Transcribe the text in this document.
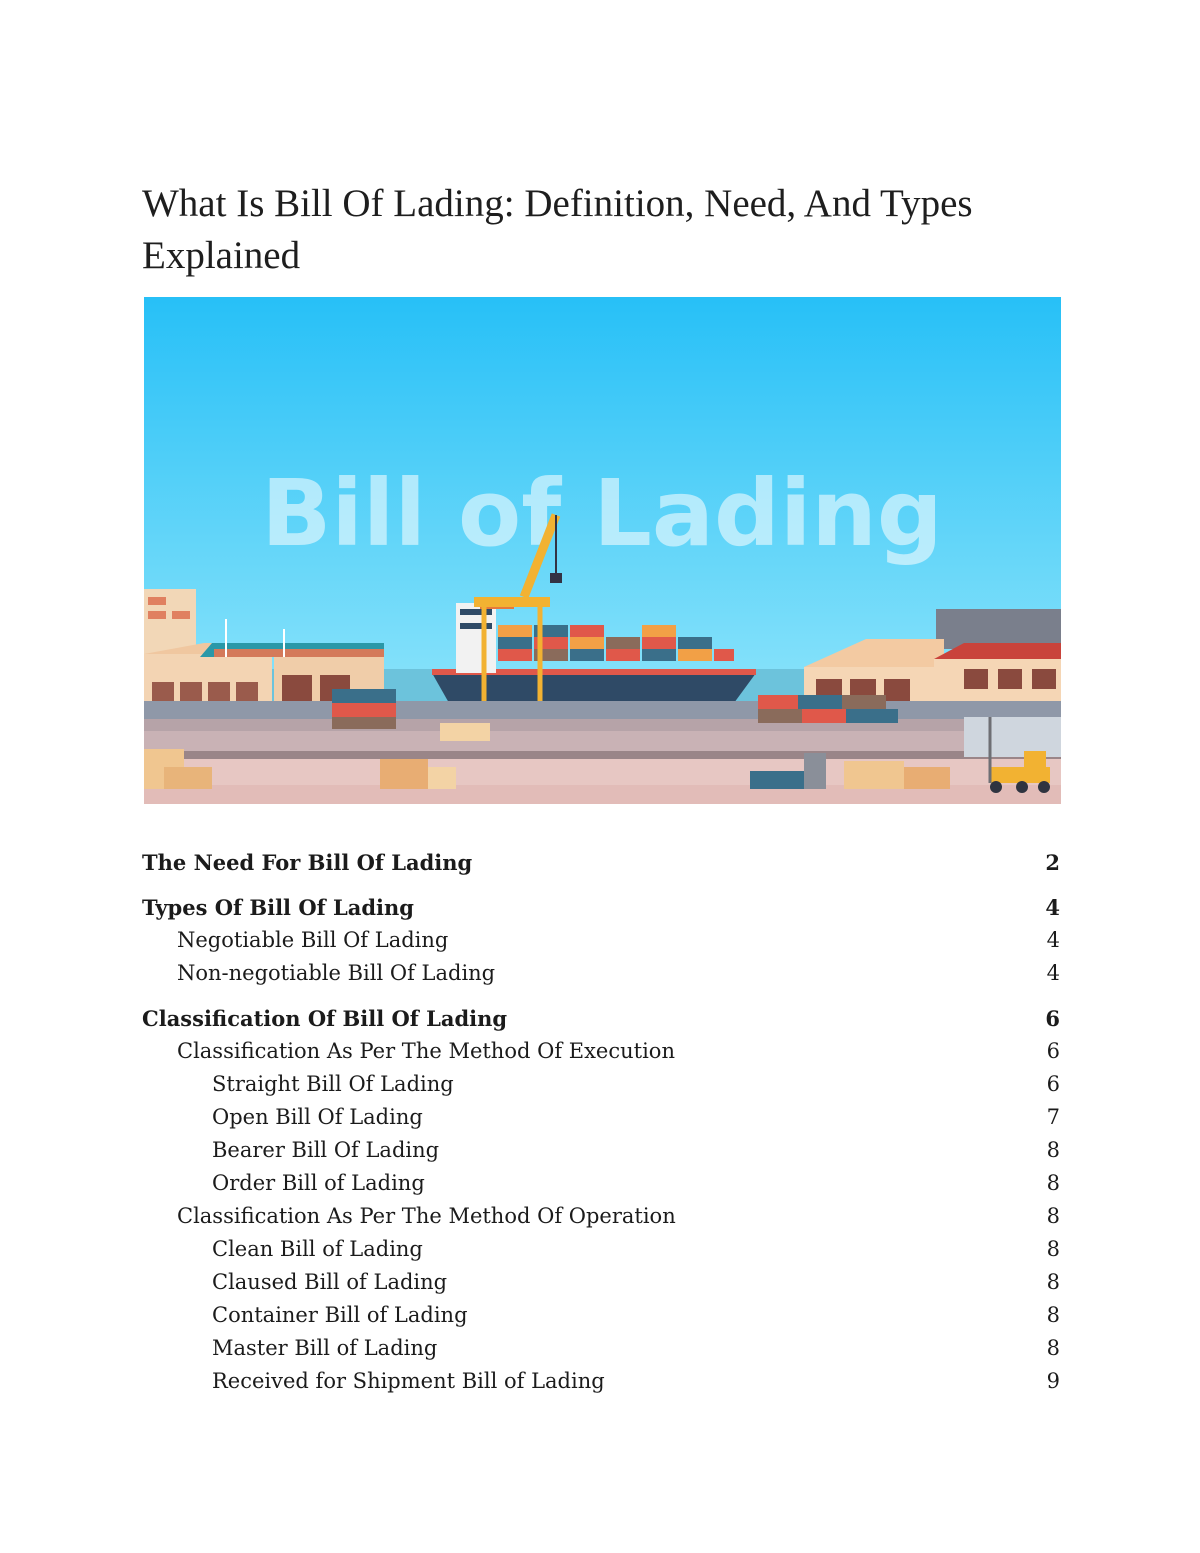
What Is Bill Of Lading: Definition, Need, And Types Explained
Bill of Lading
The Need For Bill Of Lading	2
Types Of Bill Of Lading	4
Negotiable Bill Of Lading	4
Non-negotiable Bill Of Lading	4
Classification Of Bill Of Lading	6
Classification As Per The Method Of Execution	6
Straight Bill Of Lading	6
Open Bill Of Lading	7
Bearer Bill Of Lading	8
Order Bill of Lading	8
Classification As Per The Method Of Operation	8
Clean Bill of Lading	8
Claused Bill of Lading	8
Container Bill of Lading	8
Master Bill of Lading	8
Received for Shipment Bill of Lading	9
